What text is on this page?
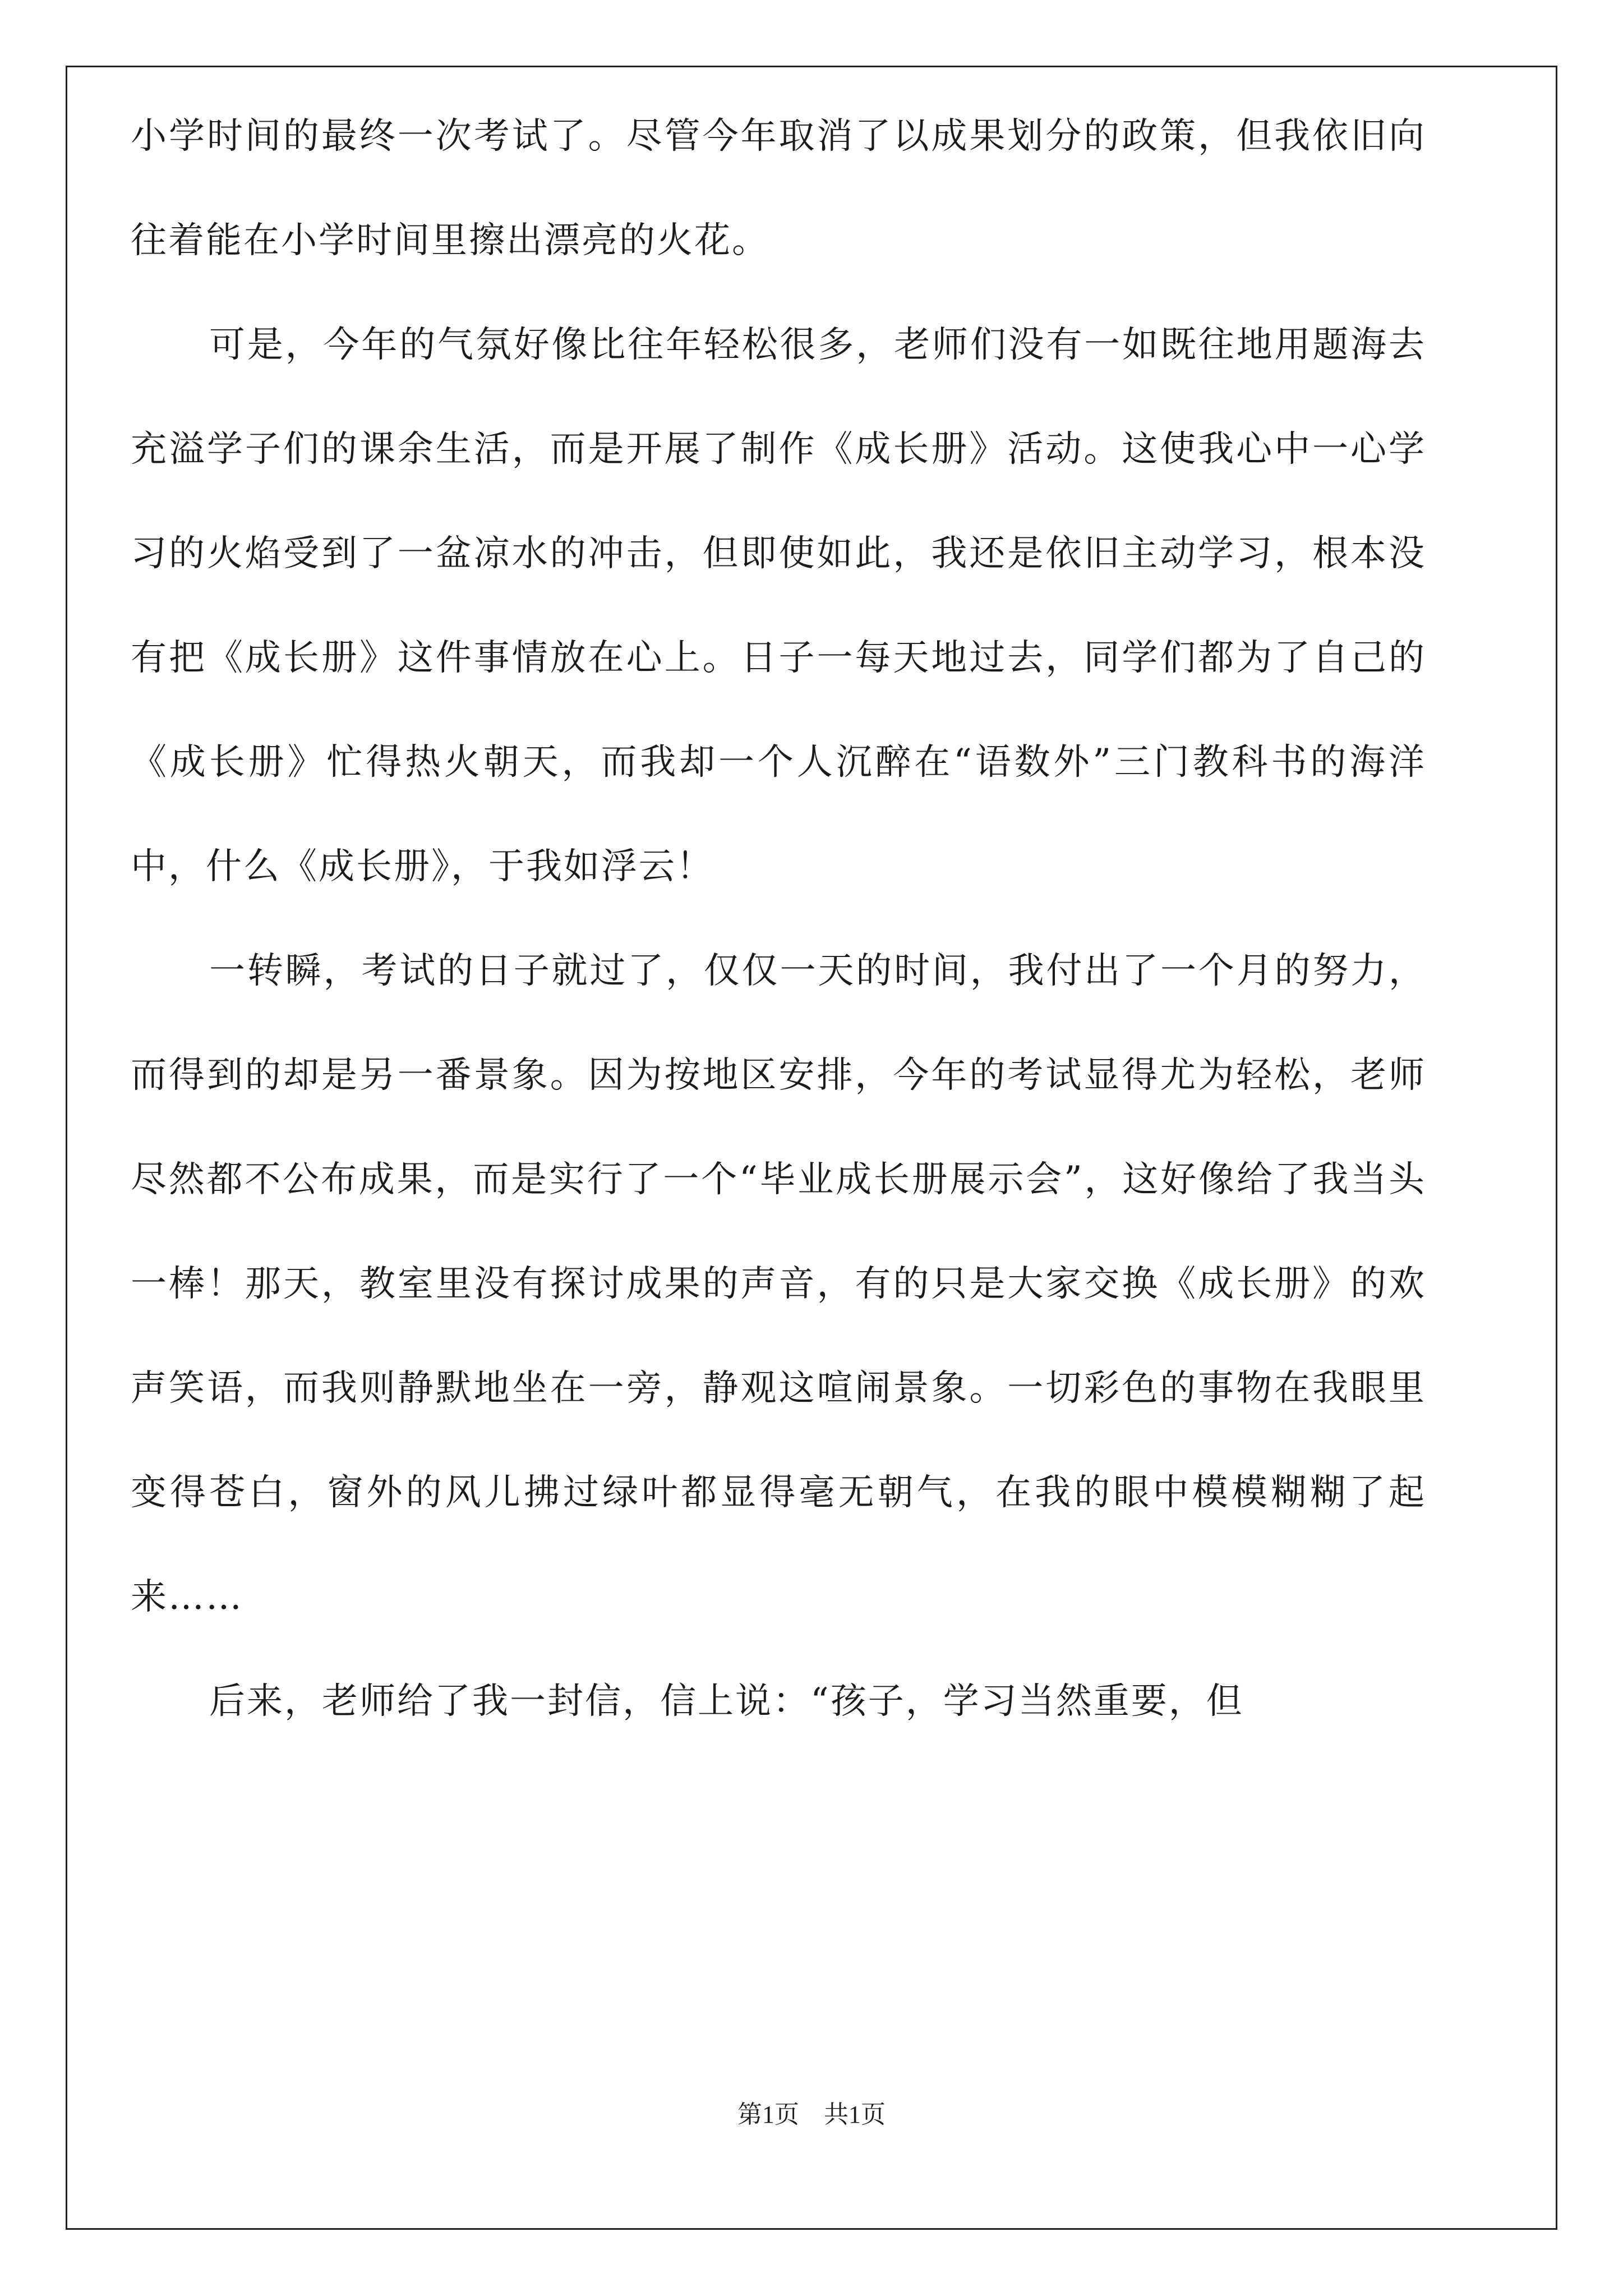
小学时间的最终一次考试了。尽管今年取消了以成果划分的政策，但我依旧向往着能在小学时间里擦出漂亮的火花。

可是，今年的气氛好像比往年轻松很多，老师们没有一如既往地用题海去充溢学子们的课余生活，而是开展了制作《成长册》活动。这使我心中一心学习的火焰受到了一盆凉水的冲击，但即使如此，我还是依旧主动学习，根本没有把《成长册》这件事情放在心上。日子一每天地过去，同学们都为了自己的《成长册》忙得热火朝天，而我却一个人沉醉在“语数外”三门教科书的海洋中，什么《成长册》，于我如浮云！

一转瞬，考试的日子就过了，仅仅一天的时间，我付出了一个月的努力，而得到的却是另一番景象。因为按地区安排，今年的考试显得尤为轻松，老师尽然都不公布成果，而是实行了一个“毕业成长册展示会”，这好像给了我当头一棒！那天，教室里没有探讨成果的声音，有的只是大家交换《成长册》的欢声笑语，而我则静默地坐在一旁，静观这喧闹景象。一切彩色的事物在我眼里变得苍白，窗外的风儿拂过绿叶都显得毫无朝气，在我的眼中模模糊糊了起来……

后来，老师给了我一封信，信上说：“孩子，学习当然重要，但

第1页 共1页
